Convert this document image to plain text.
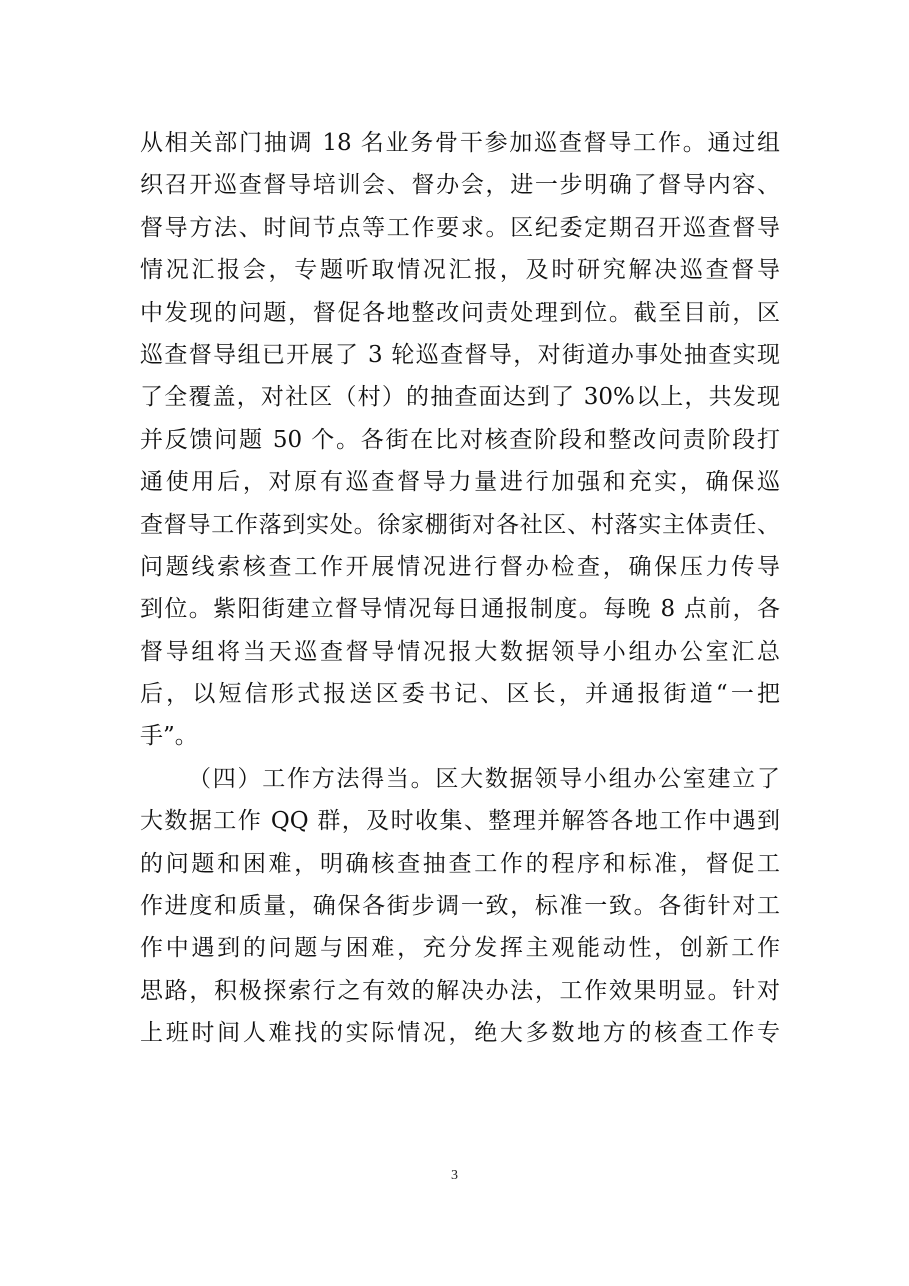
从相关部门抽调 18 名业务骨干参加巡查督导工作。通过组
织召开巡查督导培训会、督办会，进一步明确了督导内容、
督导方法、时间节点等工作要求。区纪委定期召开巡查督导
情况汇报会，专题听取情况汇报，及时研究解决巡查督导
中发现的问题，督促各地整改问责处理到位。截至目前，区
巡查督导组已开展了 3 轮巡查督导，对街道办事处抽查实现
了全覆盖，对社区（村）的抽查面达到了 30%以上，共发现
并反馈问题 50 个。各街在比对核查阶段和整改问责阶段打
通使用后，对原有巡查督导力量进行加强和充实，确保巡
查督导工作落到实处。徐家棚街对各社区、村落实主体责任、
问题线索核查工作开展情况进行督办检查，确保压力传导
到位。紫阳街建立督导情况每日通报制度。每晚 8 点前，各
督导组将当天巡查督导情况报大数据领导小组办公室汇总
后，以短信形式报送区委书记、区长，并通报街道“一把
手”。
（四）工作方法得当。区大数据领导小组办公室建立了
大数据工作 QQ 群，及时收集、整理并解答各地工作中遇到
的问题和困难，明确核查抽查工作的程序和标准，督促工
作进度和质量，确保各街步调一致，标准一致。各街针对工
作中遇到的问题与困难，充分发挥主观能动性，创新工作
思路，积极探索行之有效的解决办法，工作效果明显。针对
上班时间人难找的实际情况，绝大多数地方的核查工作专
3
